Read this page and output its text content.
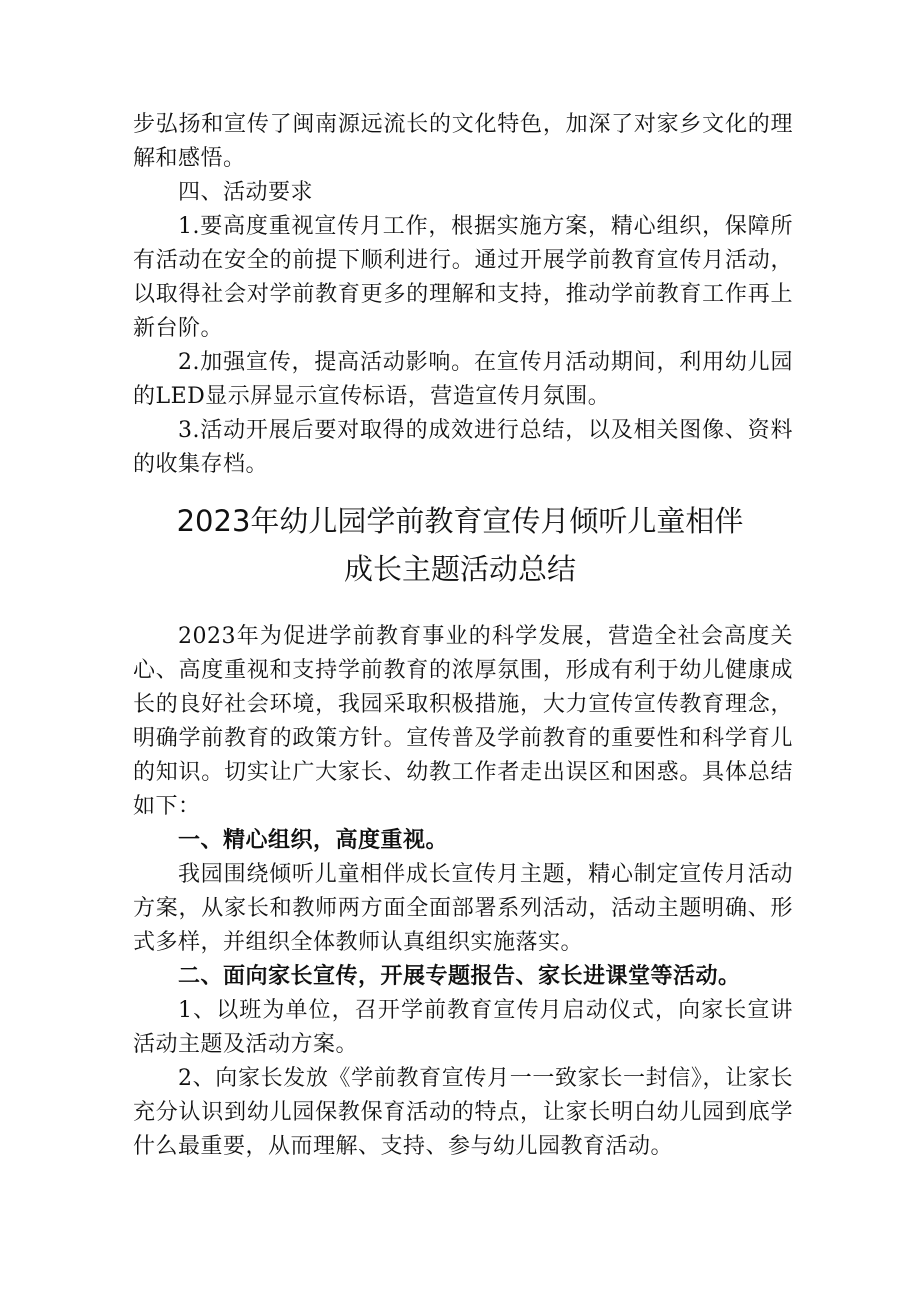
步弘扬和宣传了闽南源远流长的文化特色，加深了对家乡文化的理解和感悟。

四、活动要求

1.要高度重视宣传月工作，根据实施方案，精心组织，保障所有活动在安全的前提下顺利进行。通过开展学前教育宣传月活动，以取得社会对学前教育更多的理解和支持，推动学前教育工作再上新台阶。

2.加强宣传，提高活动影响。在宣传月活动期间，利用幼儿园的LED显示屏显示宣传标语，营造宣传月氛围。

3.活动开展后要对取得的成效进行总结，以及相关图像、资料的收集存档。

2023年幼儿园学前教育宣传月倾听儿童相伴
成长主题活动总结

2023年为促进学前教育事业的科学发展，营造全社会高度关心、高度重视和支持学前教育的浓厚氛围，形成有利于幼儿健康成长的良好社会环境，我园采取积极措施，大力宣传宣传教育理念，明确学前教育的政策方针。宣传普及学前教育的重要性和科学育儿的知识。切实让广大家长、幼教工作者走出误区和困惑。具体总结如下：

一、精心组织，高度重视。

我园围绕倾听儿童相伴成长宣传月主题，精心制定宣传月活动方案，从家长和教师两方面全面部署系列活动，活动主题明确、形式多样，并组织全体教师认真组织实施落实。

二、面向家长宣传，开展专题报告、家长进课堂等活动。

1、以班为单位，召开学前教育宣传月启动仪式，向家长宣讲活动主题及活动方案。

2、向家长发放《学前教育宣传月一一致家长一封信》，让家长充分认识到幼儿园保教保育活动的特点，让家长明白幼儿园到底学什么最重要，从而理解、支持、参与幼儿园教育活动。
